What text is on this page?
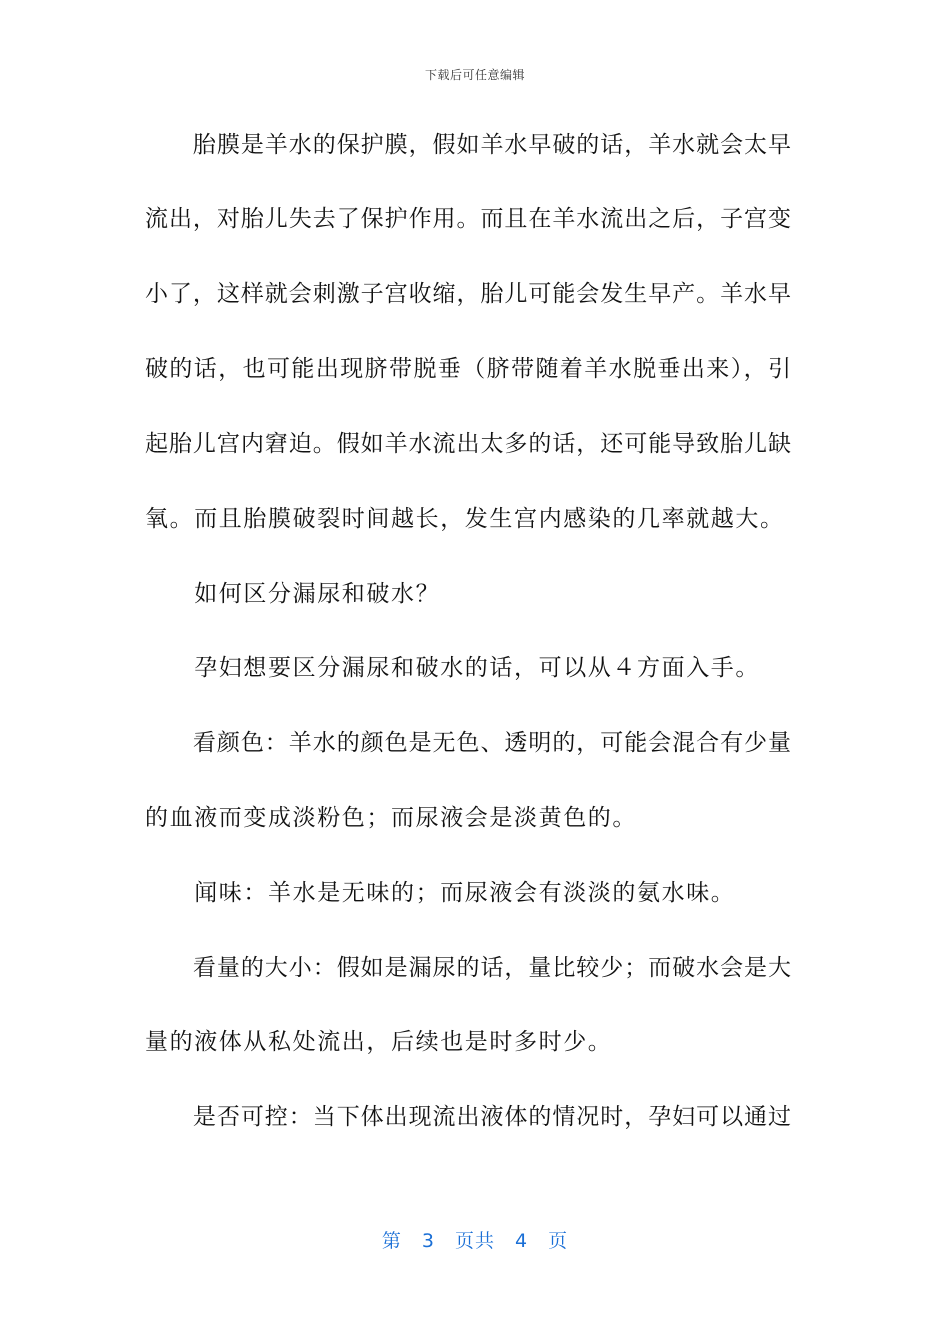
下载后可任意编辑
　　胎膜是羊水的保护膜，假如羊水早破的话，羊水就会太早
流出，对胎儿失去了保护作用。而且在羊水流出之后，子宫变
小了，这样就会刺激子宫收缩，胎儿可能会发生早产。羊水早
破的话，也可能出现脐带脱垂（脐带随着羊水脱垂出来），引
起胎儿宫内窘迫。假如羊水流出太多的话，还可能导致胎儿缺
氧。而且胎膜破裂时间越长，发生宫内感染的几率就越大。
　　如何区分漏尿和破水？
　　孕妇想要区分漏尿和破水的话，可以从４方面入手。
　　看颜色：羊水的颜色是无色、透明的，可能会混合有少量
的血液而变成淡粉色；而尿液会是淡黄色的。
　　闻味：羊水是无味的；而尿液会有淡淡的氨水味。
　　看量的大小：假如是漏尿的话，量比较少；而破水会是大
量的液体从私处流出，后续也是时多时少。
　　是否可控：当下体出现流出液体的情况时，孕妇可以通过
第　3　页共　4　页
